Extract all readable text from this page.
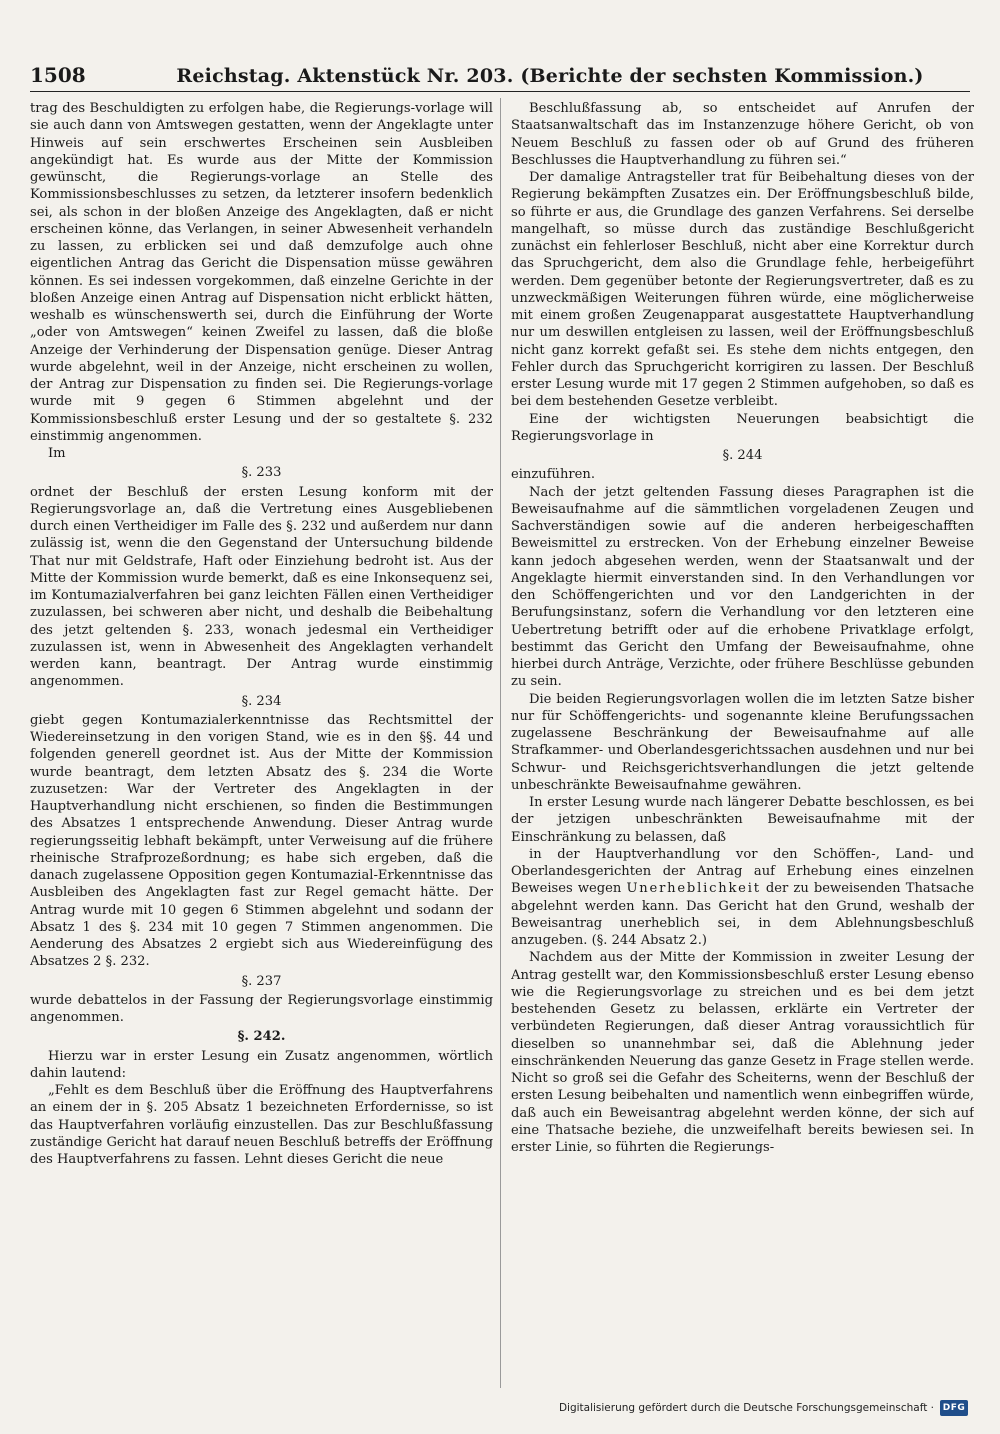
1508	Reichstag. Aktenstück Nr. 203. (Berichte der sechsten Kommission.)

trag des Beschuldigten zu erfolgen habe, die Regierungs-vorlage will sie auch dann von Amtswegen gestatten, wenn der Angeklagte unter Hinweis auf sein erschwertes Erscheinen sein Ausbleiben angekündigt hat. Es wurde aus der Mitte der Kommission gewünscht, die Regierungs-vorlage an Stelle des Kommissionsbeschlusses zu setzen, da letzterer insofern bedenklich sei, als schon in der bloßen Anzeige des Angeklagten, daß er nicht erscheinen könne, das Verlangen, in seiner Abwesenheit verhandeln zu lassen, zu erblicken sei und daß demzufolge auch ohne eigentlichen Antrag das Gericht die Dispensation müsse gewähren können. Es sei indessen vorgekommen, daß einzelne Gerichte in der bloßen Anzeige einen Antrag auf Dispensation nicht erblickt hätten, weshalb es wünschenswerth sei, durch die Einführung der Worte „oder von Amtswegen“ keinen Zweifel zu lassen, daß die bloße Anzeige der Verhinderung der Dispensation genüge. Dieser Antrag wurde abgelehnt, weil in der Anzeige, nicht erscheinen zu wollen, der Antrag zur Dispensation zu finden sei. Die Regierungs-vorlage wurde mit 9 gegen 6 Stimmen abgelehnt und der Kommissionsbeschluß erster Lesung und der so gestaltete §. 232 einstimmig angenommen.

Im

§. 233

ordnet der Beschluß der ersten Lesung konform mit der Regierungsvorlage an, daß die Vertretung eines Ausgebliebenen durch einen Vertheidiger im Falle des §. 232 und außerdem nur dann zulässig ist, wenn die den Gegenstand der Untersuchung bildende That nur mit Geldstrafe, Haft oder Einziehung bedroht ist. Aus der Mitte der Kommission wurde bemerkt, daß es eine Inkonsequenz sei, im Kontumazialverfahren bei ganz leichten Fällen einen Vertheidiger zuzulassen, bei schweren aber nicht, und deshalb die Beibehaltung des jetzt geltenden §. 233, wonach jedesmal ein Vertheidiger zuzulassen ist, wenn in Abwesenheit des Angeklagten verhandelt werden kann, beantragt. Der Antrag wurde einstimmig angenommen.

§. 234

giebt gegen Kontumazialerkenntnisse das Rechtsmittel der Wiedereinsetzung in den vorigen Stand, wie es in den §§. 44 und folgenden generell geordnet ist. Aus der Mitte der Kommission wurde beantragt, dem letzten Absatz des §. 234 die Worte zuzusetzen: War der Vertreter des Angeklagten in der Hauptverhandlung nicht erschienen, so finden die Bestimmungen des Absatzes 1 entsprechende Anwendung. Dieser Antrag wurde regierungsseitig lebhaft bekämpft, unter Verweisung auf die frühere rheinische Strafprozeßordnung; es habe sich ergeben, daß die danach zugelassene Opposition gegen Kontumazial-Erkenntnisse das Ausbleiben des Angeklagten fast zur Regel gemacht hätte. Der Antrag wurde mit 10 gegen 6 Stimmen abgelehnt und sodann der Absatz 1 des §. 234 mit 10 gegen 7 Stimmen angenommen. Die Aenderung des Absatzes 2 ergiebt sich aus Wiedereinfügung des Absatzes 2 §. 232.

§. 237

wurde debattelos in der Fassung der Regierungsvorlage einstimmig angenommen.

§. 242.

Hierzu war in erster Lesung ein Zusatz angenommen, wörtlich dahin lautend:

„Fehlt es dem Beschluß über die Eröffnung des Hauptverfahrens an einem der in §. 205 Absatz 1 bezeichneten Erfordernisse, so ist das Hauptverfahren vorläufig einzustellen. Das zur Beschlußfassung zuständige Gericht hat darauf neuen Beschluß betreffs der Eröffnung des Hauptverfahrens zu fassen. Lehnt dieses Gericht die neue

Beschlußfassung ab, so entscheidet auf Anrufen der Staatsanwaltschaft das im Instanzenzuge höhere Gericht, ob von Neuem Beschluß zu fassen oder ob auf Grund des früheren Beschlusses die Hauptverhandlung zu führen sei.“

Der damalige Antragsteller trat für Beibehaltung dieses von der Regierung bekämpften Zusatzes ein. Der Eröffnungsbeschluß bilde, so führte er aus, die Grundlage des ganzen Verfahrens. Sei derselbe mangelhaft, so müsse durch das zuständige Beschlußgericht zunächst ein fehlerloser Beschluß, nicht aber eine Korrektur durch das Spruchgericht, dem also die Grundlage fehle, herbeigeführt werden. Dem gegenüber betonte der Regierungsvertreter, daß es zu unzweckmäßigen Weiterungen führen würde, eine möglicherweise mit einem großen Zeugenapparat ausgestattete Hauptverhandlung nur um deswillen entgleisen zu lassen, weil der Eröffnungsbeschluß nicht ganz korrekt gefaßt sei. Es stehe dem nichts entgegen, den Fehler durch das Spruchgericht korrigiren zu lassen. Der Beschluß erster Lesung wurde mit 17 gegen 2 Stimmen aufgehoben, so daß es bei dem bestehenden Gesetze verbleibt.

Eine der wichtigsten Neuerungen beabsichtigt die Regierungsvorlage in

§. 244

einzuführen.

Nach der jetzt geltenden Fassung dieses Paragraphen ist die Beweisaufnahme auf die sämmtlichen vorgeladenen Zeugen und Sachverständigen sowie auf die anderen herbeigeschafften Beweismittel zu erstrecken. Von der Erhebung einzelner Beweise kann jedoch abgesehen werden, wenn der Staatsanwalt und der Angeklagte hiermit einverstanden sind. In den Verhandlungen vor den Schöffengerichten und vor den Landgerichten in der Berufungsinstanz, sofern die Verhandlung vor den letzteren eine Uebertretung betrifft oder auf die erhobene Privatklage erfolgt, bestimmt das Gericht den Umfang der Beweisaufnahme, ohne hierbei durch Anträge, Verzichte, oder frühere Beschlüsse gebunden zu sein.

Die beiden Regierungsvorlagen wollen die im letzten Satze bisher nur für Schöffengerichts- und sogenannte kleine Berufungssachen zugelassene Beschränkung der Beweisaufnahme auf alle Strafkammer- und Oberlandesgerichtssachen ausdehnen und nur bei Schwur- und Reichsgerichtsverhandlungen die jetzt geltende unbeschränkte Beweisaufnahme gewähren.

In erster Lesung wurde nach längerer Debatte beschlossen, es bei der jetzigen unbeschränkten Beweisaufnahme mit der Einschränkung zu belassen, daß

in der Hauptverhandlung vor den Schöffen-, Land- und Oberlandesgerichten der Antrag auf Erhebung eines einzelnen Beweises wegen Unerheblichkeit der zu beweisenden Thatsache abgelehnt werden kann. Das Gericht hat den Grund, weshalb der Beweisantrag unerheblich sei, in dem Ablehnungsbeschluß anzugeben. (§. 244 Absatz 2.)

Nachdem aus der Mitte der Kommission in zweiter Lesung der Antrag gestellt war, den Kommissionsbeschluß erster Lesung ebenso wie die Regierungsvorlage zu streichen und es bei dem jetzt bestehenden Gesetz zu belassen, erklärte ein Vertreter der verbündeten Regierungen, daß dieser Antrag voraussichtlich für dieselben so unannehmbar sei, daß die Ablehnung jeder einschränkenden Neuerung das ganze Gesetz in Frage stellen werde. Nicht so groß sei die Gefahr des Scheiterns, wenn der Beschluß der ersten Lesung beibehalten und namentlich wenn einbegriffen würde, daß auch ein Beweisantrag abgelehnt werden könne, der sich auf eine Thatsache beziehe, die unzweifelhaft bereits bewiesen sei. In erster Linie, so führten die Regierungs-

Digitalisierung gefördert durch die Deutsche Forschungsgemeinschaft · DFG
